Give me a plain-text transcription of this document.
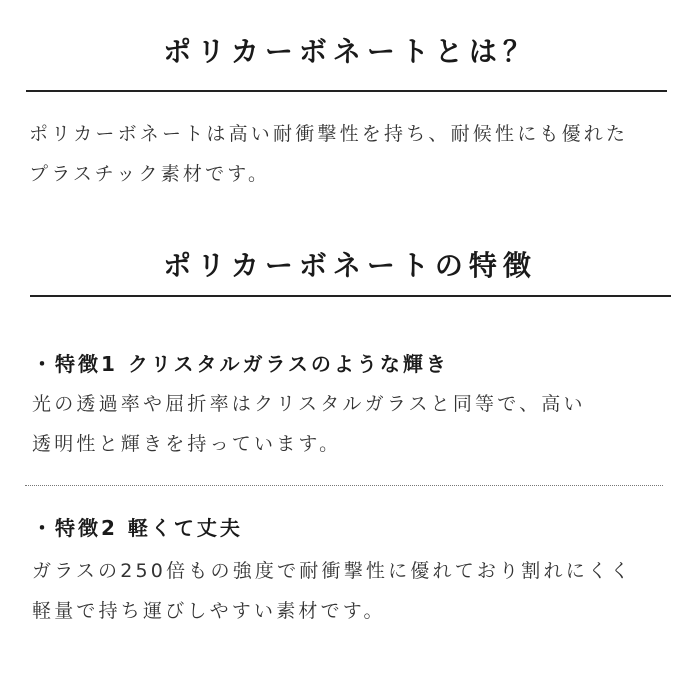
ポリカーボネートとは？
ポリカーボネートは高い耐衝撃性を持ち、耐候性にも優れた
プラスチック素材です。
ポリカーボネートの特徴
・特徴1 クリスタルガラスのような輝き
光の透過率や屈折率はクリスタルガラスと同等で、高い
透明性と輝きを持っています。
・特徴2 軽くて丈夫
ガラスの250倍もの強度で耐衝撃性に優れており割れにくく
軽量で持ち運びしやすい素材です。
